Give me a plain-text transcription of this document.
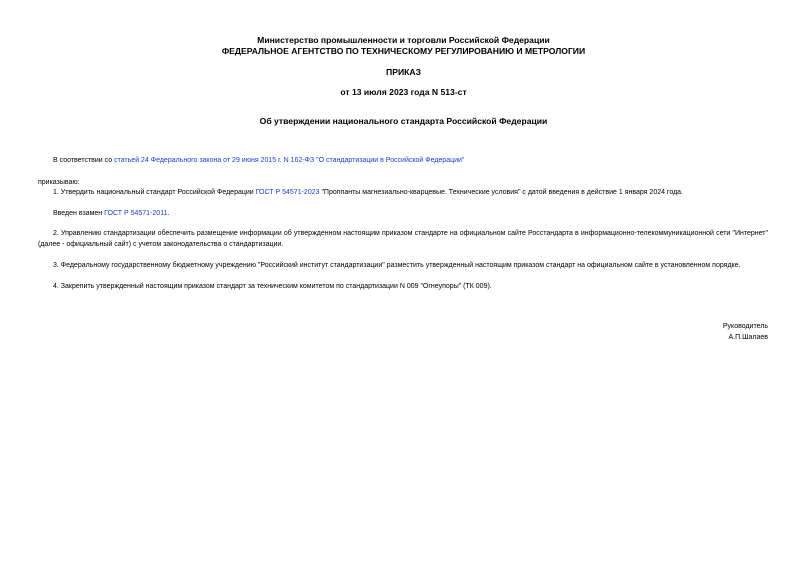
Министерство промышленности и торговли Российской Федерации
ФЕДЕРАЛЬНОЕ АГЕНТСТВО ПО ТЕХНИЧЕСКОМУ РЕГУЛИРОВАНИЮ И МЕТРОЛОГИИ
ПРИКАЗ
от 13 июля 2023 года N 513-ст
Об утверждении национального стандарта Российской Федерации
В соответствии со статьей 24 Федерального закона от 29 июня 2015 г. N 162-ФЗ "О стандартизации в Российской Федерации"
приказываю:
1. Утвердить национальный стандарт Российской Федерации ГОСТ Р 54571-2023 "Проппанты магнезиально-кварцевые. Технические условия" с датой введения в действие 1 января 2024 года.
Введен взамен ГОСТ Р 54571-2011.
2. Управлению стандартизации обеспечить размещение информации об утвержденном настоящим приказом стандарте на официальном сайте Росстандарта в информационно-телекоммуникационной сети "Интернет" (далее - официальный сайт) с учетом законодательства о стандартизации.
3. Федеральному государственному бюджетному учреждению "Российский институт стандартизации" разместить утвержденный настоящим приказом стандарт на официальном сайте в установленном порядке.
4. Закрепить утвержденный настоящим приказом стандарт за техническим комитетом по стандартизации N 009 "Огнеупоры" (ТК 009).
Руководитель
А.П.Шалаев
